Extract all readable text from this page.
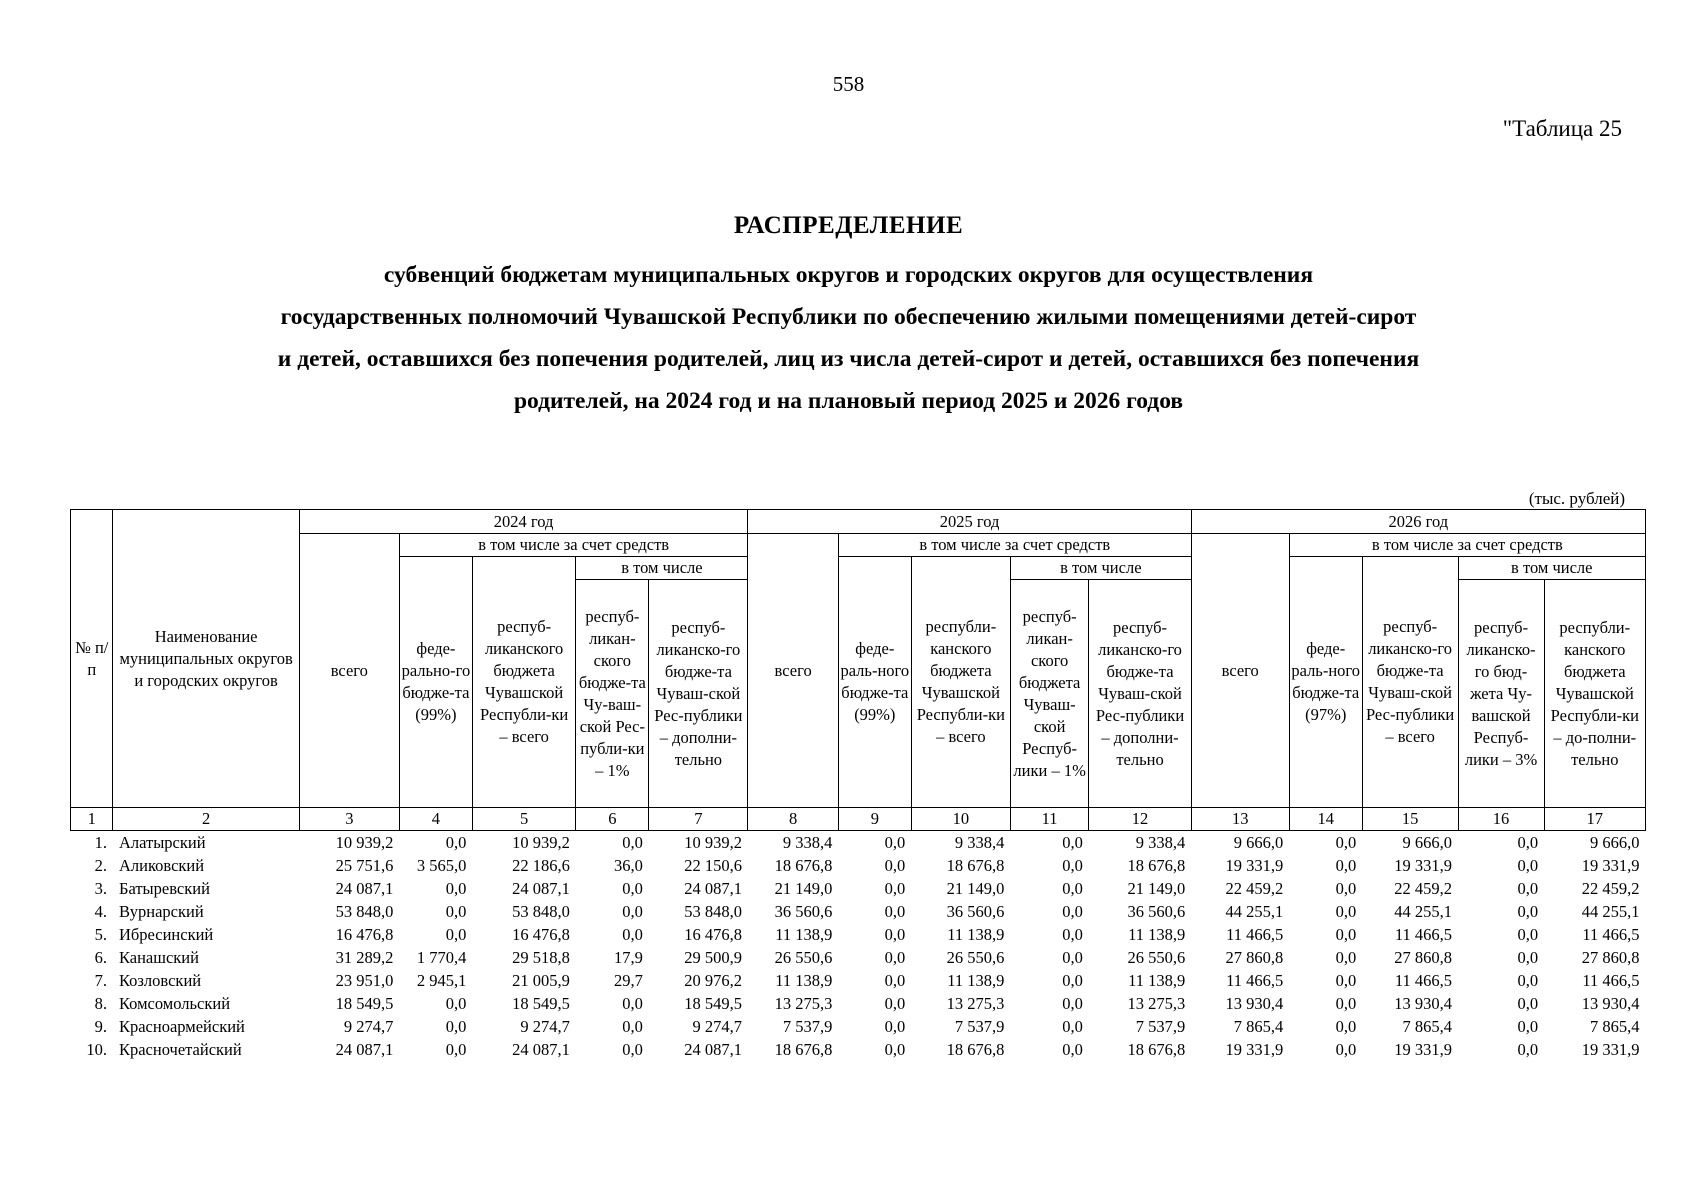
558
"Таблица 25
РАСПРЕДЕЛЕНИЕ
субвенций бюджетам муниципальных округов и городских округов для осуществления
государственных полномочий Чувашской Республики по обеспечению жилыми помещениями детей-сирот
и детей, оставшихся без попечения родителей, лиц из числа детей-сирот и детей, оставшихся без попечения
родителей, на 2024 год и на плановый период 2025 и 2026 годов
(тыс. рублей)
№ п/п	Наименование муниципальных округов и городских округов	2024 год					2025 год					2026 год				
		всего	в том числе за счет средств				всего	в том числе за счет средств				всего	в том числе за счет средств			
			феде-рально-го бюдже-та (99%)	респуб-ликанского бюджета Чувашской Республи-ки – всего	в том числе			феде-раль-ного бюдже-та (99%)	республи-канского бюджета Чувашской Республи-ки – всего	в том числе			феде-раль-ного бюдже-та (97%)	респуб-ликанско-го бюдже-та Чуваш-ской Рес-публики – всего	в том числе	
					респуб-ликан-ского бюдже-та Чу-ваш-ской Рес-публи-ки – 1%	респуб-ликанско-го бюдже-та Чуваш-ской Рес-публики – дополни-тельно				респуб-ликан-ского бюджета Чуваш-ской Респуб-лики – 1%	респуб-ликанско-го бюдже-та Чуваш-ской Рес-публики – дополни-тельно				респуб-ликанско-го бюд-жета Чу-вашской Респуб-лики – 3%	республи-канского бюджета Чувашской Республи-ки – до-полни-тельно
1	2	3	4	5	6	7	8	9	10	11	12	13	14	15	16	17
1.	Алатырский	10 939,2	0,0	10 939,2	0,0	10 939,2	9 338,4	0,0	9 338,4	0,0	9 338,4	9 666,0	0,0	9 666,0	0,0	9 666,0
2.	Аликовский	25 751,6	3 565,0	22 186,6	36,0	22 150,6	18 676,8	0,0	18 676,8	0,0	18 676,8	19 331,9	0,0	19 331,9	0,0	19 331,9
3.	Батыревский	24 087,1	0,0	24 087,1	0,0	24 087,1	21 149,0	0,0	21 149,0	0,0	21 149,0	22 459,2	0,0	22 459,2	0,0	22 459,2
4.	Вурнарский	53 848,0	0,0	53 848,0	0,0	53 848,0	36 560,6	0,0	36 560,6	0,0	36 560,6	44 255,1	0,0	44 255,1	0,0	44 255,1
5.	Ибресинский	16 476,8	0,0	16 476,8	0,0	16 476,8	11 138,9	0,0	11 138,9	0,0	11 138,9	11 466,5	0,0	11 466,5	0,0	11 466,5
6.	Канашский	31 289,2	1 770,4	29 518,8	17,9	29 500,9	26 550,6	0,0	26 550,6	0,0	26 550,6	27 860,8	0,0	27 860,8	0,0	27 860,8
7.	Козловский	23 951,0	2 945,1	21 005,9	29,7	20 976,2	11 138,9	0,0	11 138,9	0,0	11 138,9	11 466,5	0,0	11 466,5	0,0	11 466,5
8.	Комсомольский	18 549,5	0,0	18 549,5	0,0	18 549,5	13 275,3	0,0	13 275,3	0,0	13 275,3	13 930,4	0,0	13 930,4	0,0	13 930,4
9.	Красноармейский	9 274,7	0,0	9 274,7	0,0	9 274,7	7 537,9	0,0	7 537,9	0,0	7 537,9	7 865,4	0,0	7 865,4	0,0	7 865,4
10.	Красночетайский	24 087,1	0,0	24 087,1	0,0	24 087,1	18 676,8	0,0	18 676,8	0,0	18 676,8	19 331,9	0,0	19 331,9	0,0	19 331,9
